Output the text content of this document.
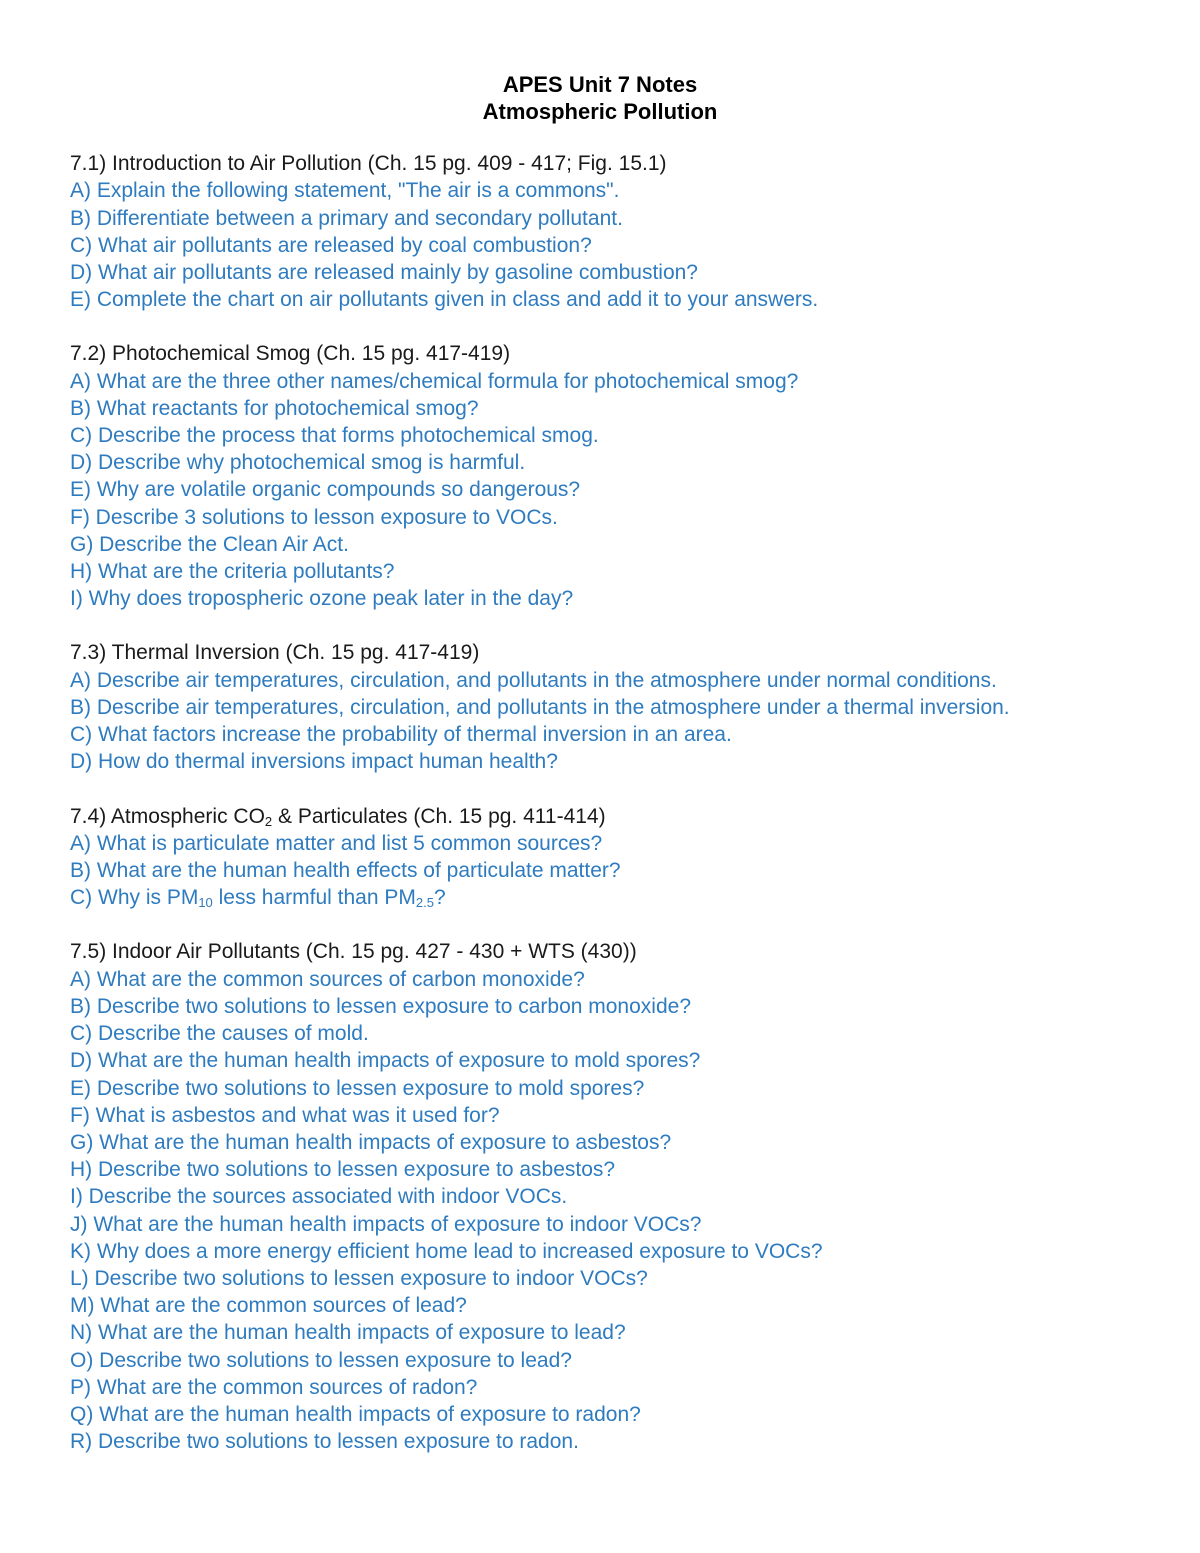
APES Unit 7 Notes
Atmospheric Pollution
7.1) Introduction to Air Pollution (Ch. 15 pg. 409 - 417; Fig. 15.1)
A) Explain the following statement, "The air is a commons".
B) Differentiate between a primary and secondary pollutant.
C) What air pollutants are released by coal combustion?
D) What air pollutants are released mainly by gasoline combustion?
E) Complete the chart on air pollutants given in class and add it to your answers.
7.2) Photochemical Smog (Ch. 15 pg. 417-419)
A) What are the three other names/chemical formula for photochemical smog?
B) What reactants for photochemical smog?
C) Describe the process that forms photochemical smog.
D) Describe why photochemical smog is harmful.
E) Why are volatile organic compounds so dangerous?
F) Describe 3 solutions to lesson exposure to VOCs.
G) Describe the Clean Air Act.
H) What are the criteria pollutants?
I) Why does tropospheric ozone peak later in the day?
7.3) Thermal Inversion (Ch. 15 pg. 417-419)
A) Describe air temperatures, circulation, and pollutants in the atmosphere under normal conditions.
B) Describe air temperatures, circulation, and pollutants in the atmosphere under a thermal inversion.
C) What factors increase the probability of thermal inversion in an area.
D) How do thermal inversions impact human health?
7.4) Atmospheric $CO_2$ & Particulates (Ch. 15 pg. 411-414)
A) What is particulate matter and list 5 common sources?
B) What are the human health effects of particulate matter?
C) Why is $PM_{10}$ less harmful than $PM_{2.5}$?
7.5) Indoor Air Pollutants (Ch. 15 pg. 427 - 430 + WTS (430))
A) What are the common sources of carbon monoxide?
B) Describe two solutions to lessen exposure to carbon monoxide?
C) Describe the causes of mold.
D) What are the human health impacts of exposure to mold spores?
E) Describe two solutions to lessen exposure to mold spores?
F) What is asbestos and what was it used for?
G) What are the human health impacts of exposure to asbestos?
H) Describe two solutions to lessen exposure to asbestos?
I) Describe the sources associated with indoor VOCs.
J) What are the human health impacts of exposure to indoor VOCs?
K) Why does a more energy efficient home lead to increased exposure to VOCs?
L) Describe two solutions to lessen exposure to indoor VOCs?
M) What are the common sources of lead?
N) What are the human health impacts of exposure to lead?
O) Describe two solutions to lessen exposure to lead?
P) What are the common sources of radon?
Q) What are the human health impacts of exposure to radon?
R) Describe two solutions to lessen exposure to radon.
